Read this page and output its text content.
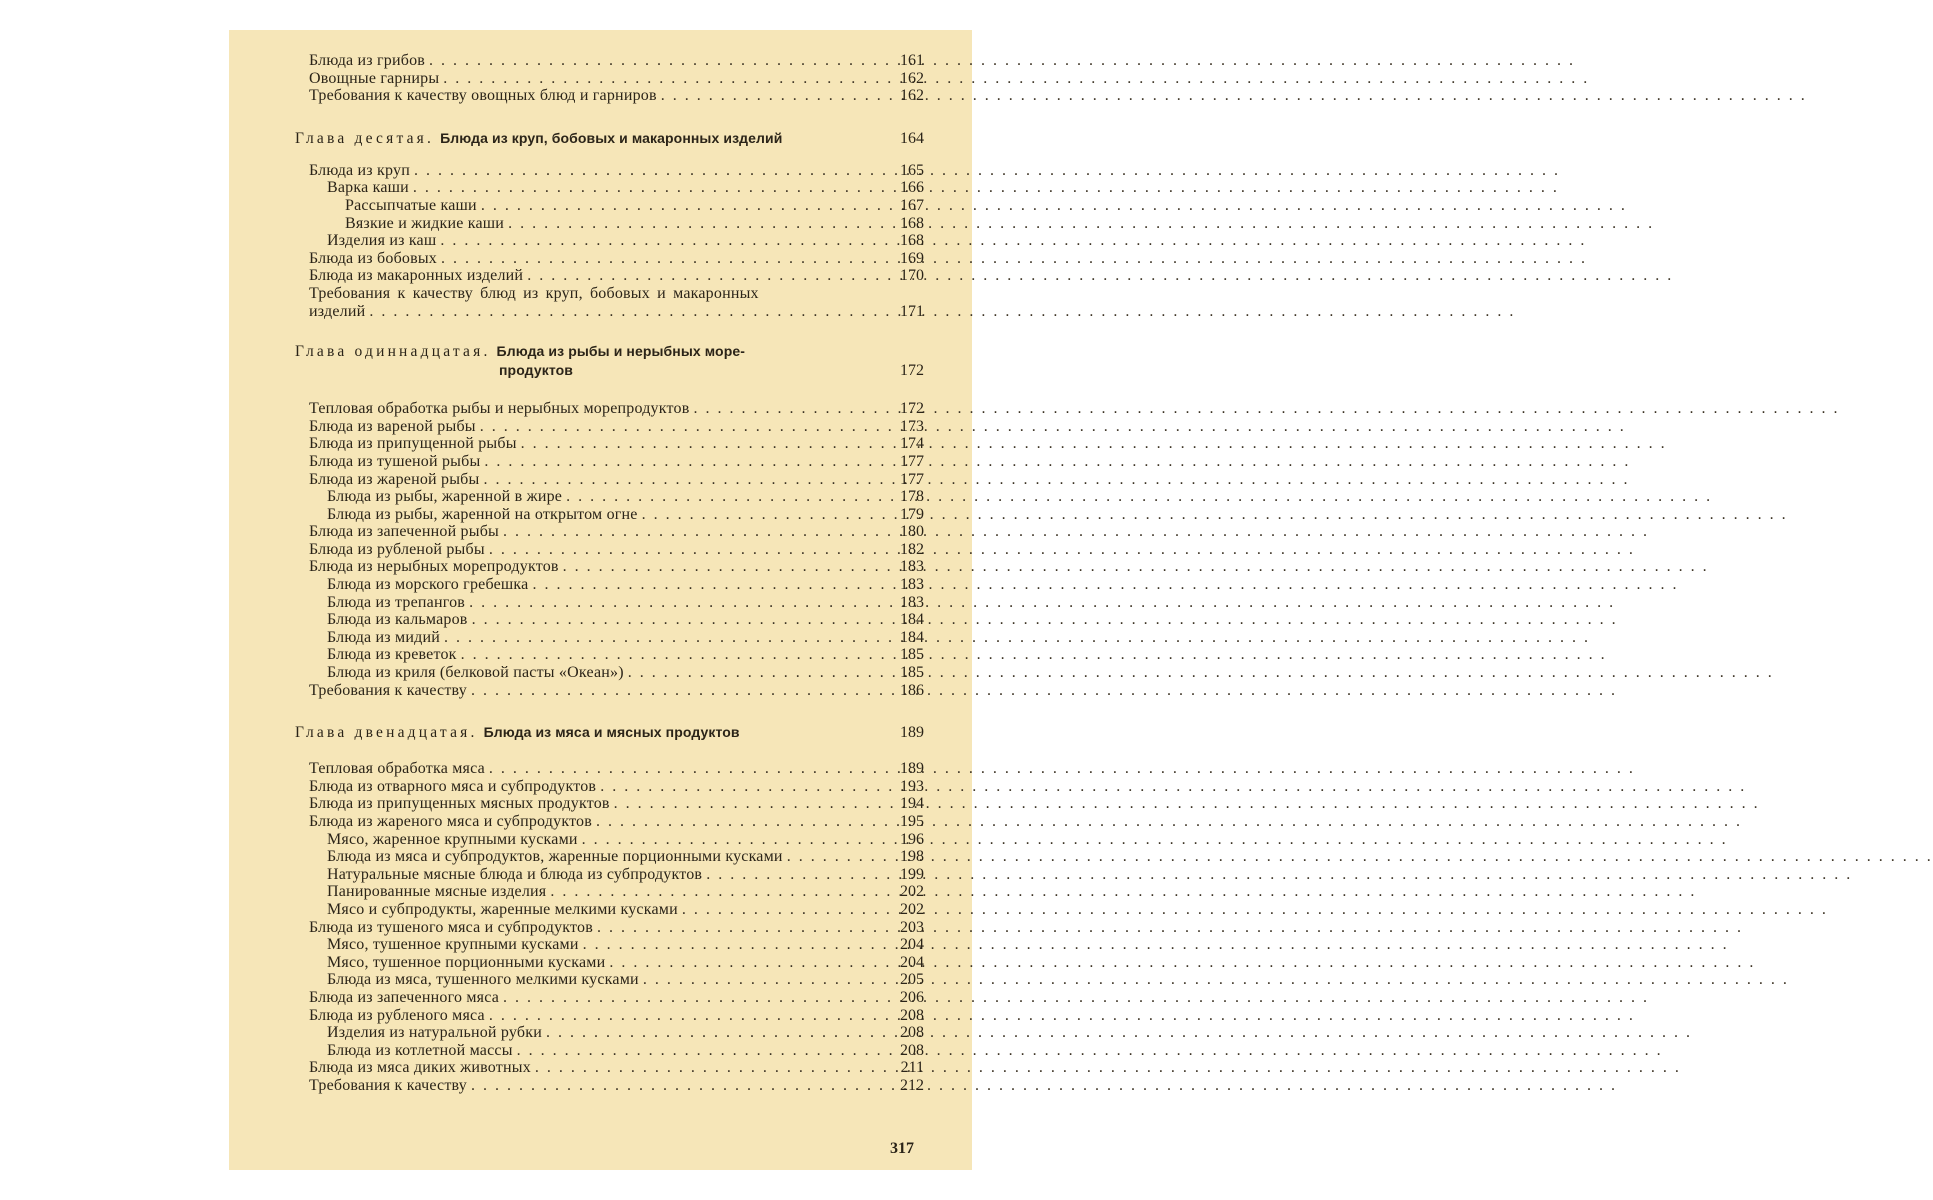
Блюда из грибов . . .	161
Овощные гарниры . . .	162
Требования к качеству овощных блюд и гарниров . . .	162
Глава десятая. Блюда из круп, бобовых и макаронных изделий	164
Блюда из круп . . .	165
Варка каши . . .	166
Рассыпчатые каши . . .	167
Вязкие и жидкие каши . . .	168
Изделия из каш . . .	168
Блюда из бобовых . . .	169
Блюда из макаронных изделий . . .	170
Требования к качеству блюд из круп, бобовых и макаронных
изделий . . .	171
Глава одиннадцатая. Блюда из рыбы и нерыбных море-
продуктов	172
Тепловая обработка рыбы и нерыбных морепродуктов . . .	172
Блюда из вареной рыбы . . .	173
Блюда из припущенной рыбы . . .	174
Блюда из тушеной рыбы . . .	177
Блюда из жареной рыбы . . .	177
Блюда из рыбы, жаренной в жире . . .	178
Блюда из рыбы, жаренной на открытом огне . . .	179
Блюда из запеченной рыбы . . .	180
Блюда из рубленой рыбы . . .	182
Блюда из нерыбных морепродуктов . . .	183
Блюда из морского гребешка . . .	183
Блюда из трепангов . . .	183
Блюда из кальмаров . . .	184
Блюда из мидий . . .	184
Блюда из креветок . . .	185
Блюда из криля (белковой пасты «Океан») . . .	185
Требования к качеству . . .	186
Глава двенадцатая. Блюда из мяса и мясных продуктов	189
Тепловая обработка мяса . . .	189
Блюда из отварного мяса и субпродуктов . . .	193
Блюда из припущенных мясных продуктов . . .	194
Блюда из жареного мяса и субпродуктов . . .	195
Мясо, жаренное крупными кусками . . .	196
Блюда из мяса и субпродуктов, жаренные порционными кусками . . .	198
Натуральные мясные блюда и блюда из субпродуктов . . .	199
Панированные мясные изделия . . .	202
Мясо и субпродукты, жаренные мелкими кусками . . .	202
Блюда из тушеного мяса и субпродуктов . . .	203
Мясо, тушенное крупными кусками . . .	204
Мясо, тушенное порционными кусками . . .	204
Блюда из мяса, тушенного мелкими кусками . . .	205
Блюда из запеченного мяса . . .	206
Блюда из рубленого мяса . . .	208
Изделия из натуральной рубки . . .	208
Блюда из котлетной массы . . .	208
Блюда из мяса диких животных . . .	211
Требования к качеству . . .	212
317
